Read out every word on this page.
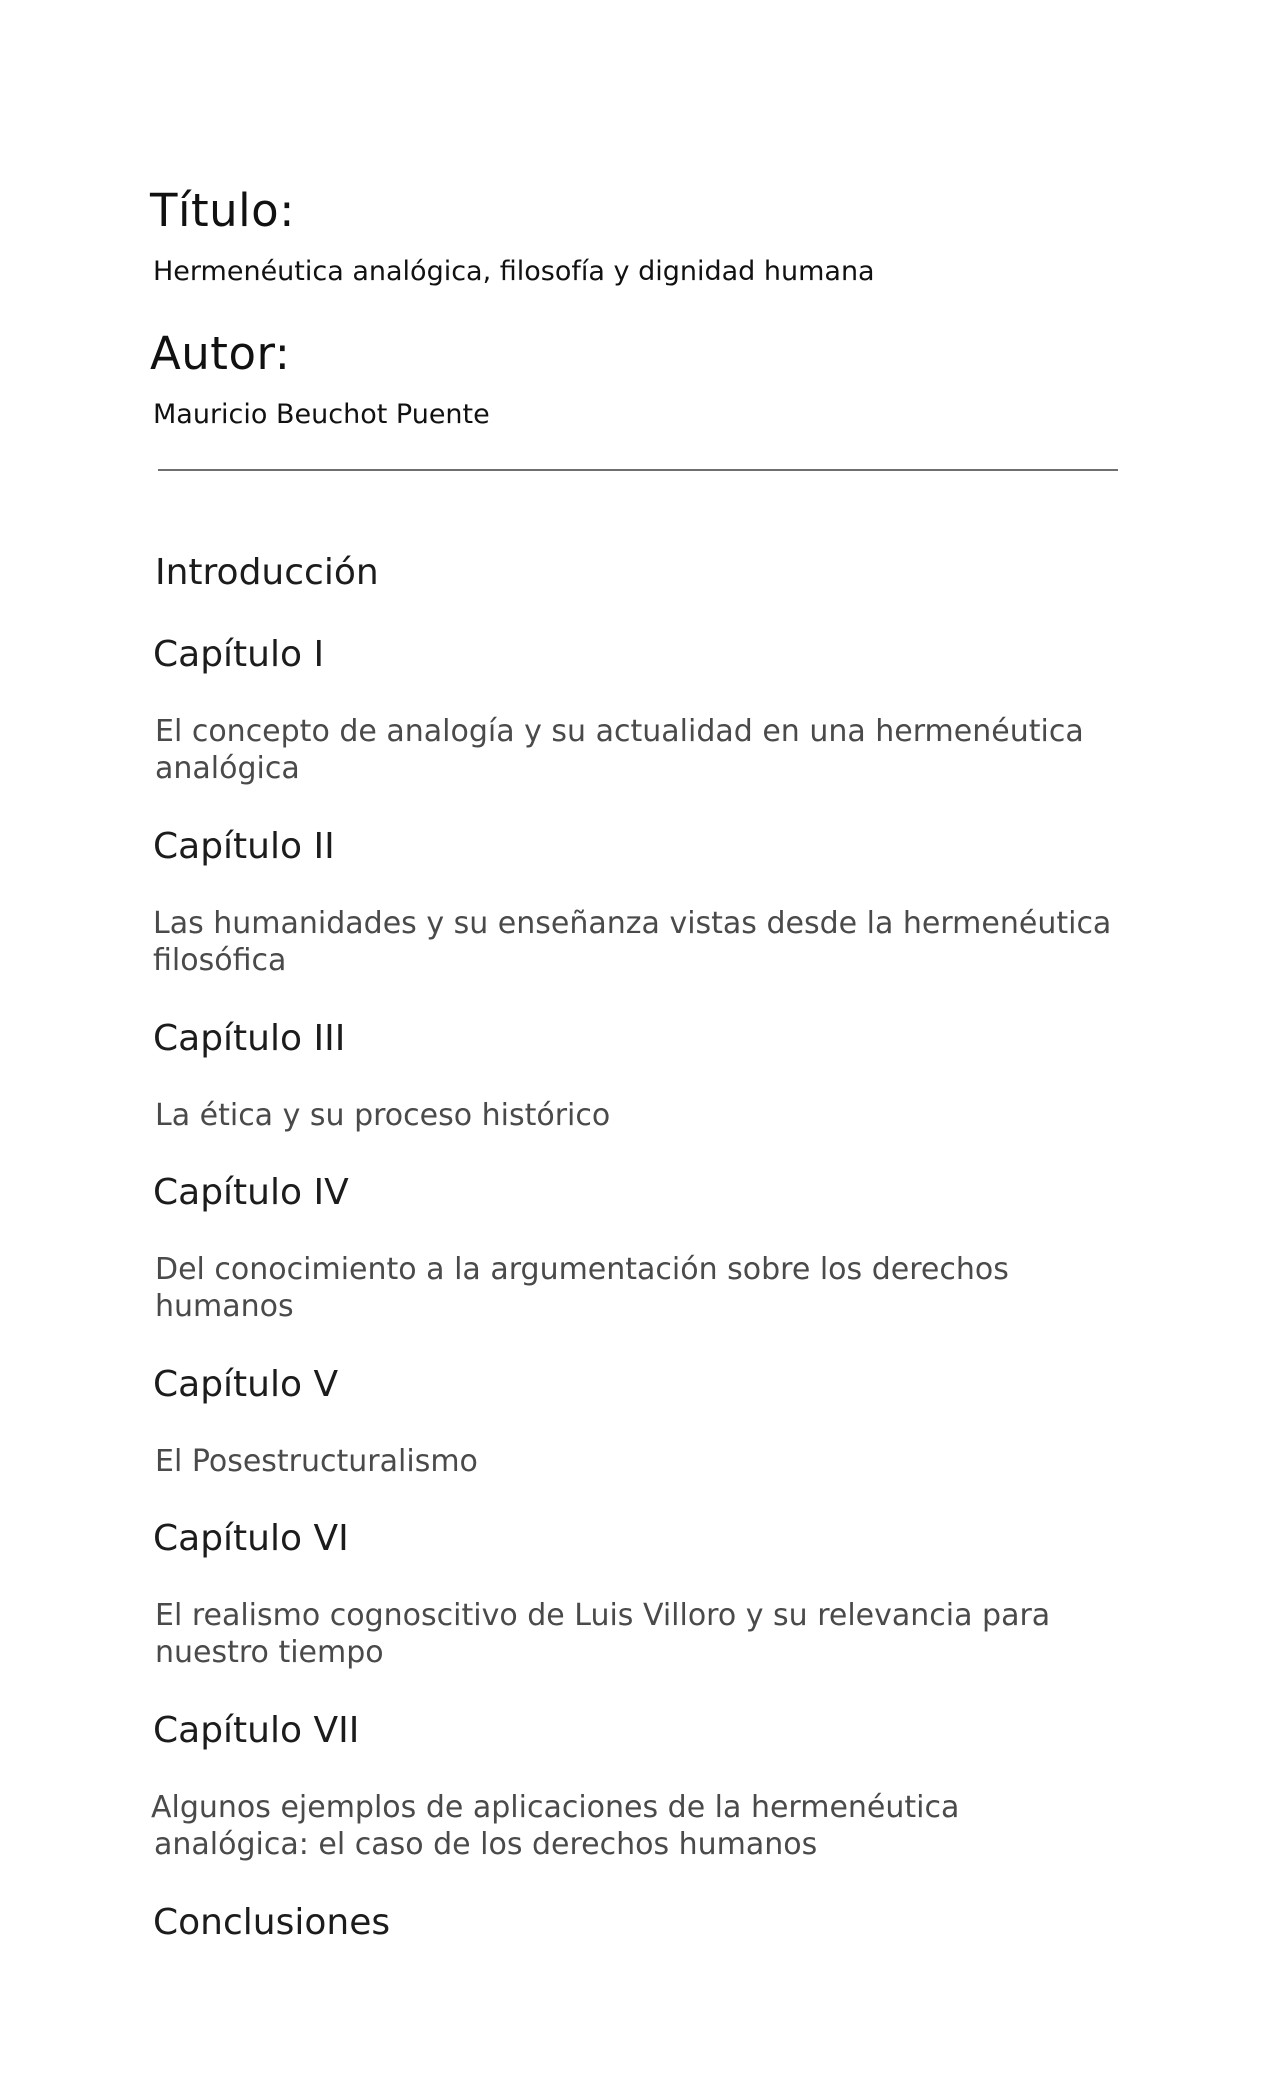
Título:
Hermenéutica analógica, filosofía y dignidad humana
Autor:
Mauricio Beuchot Puente
Introducción
Capítulo I
El concepto de analogía y su actualidad en una hermenéutica
analógica
Capítulo II
Las humanidades y su enseñanza vistas desde la hermenéutica
filosófica
Capítulo III
La ética y su proceso histórico
Capítulo IV
Del conocimiento a la argumentación sobre los derechos
humanos
Capítulo V
El Posestructuralismo
Capítulo VI
El realismo cognoscitivo de Luis Villoro y su relevancia para
nuestro tiempo
Capítulo VII
Algunos ejemplos de aplicaciones de la hermenéutica
analógica: el caso de los derechos humanos
Conclusiones
